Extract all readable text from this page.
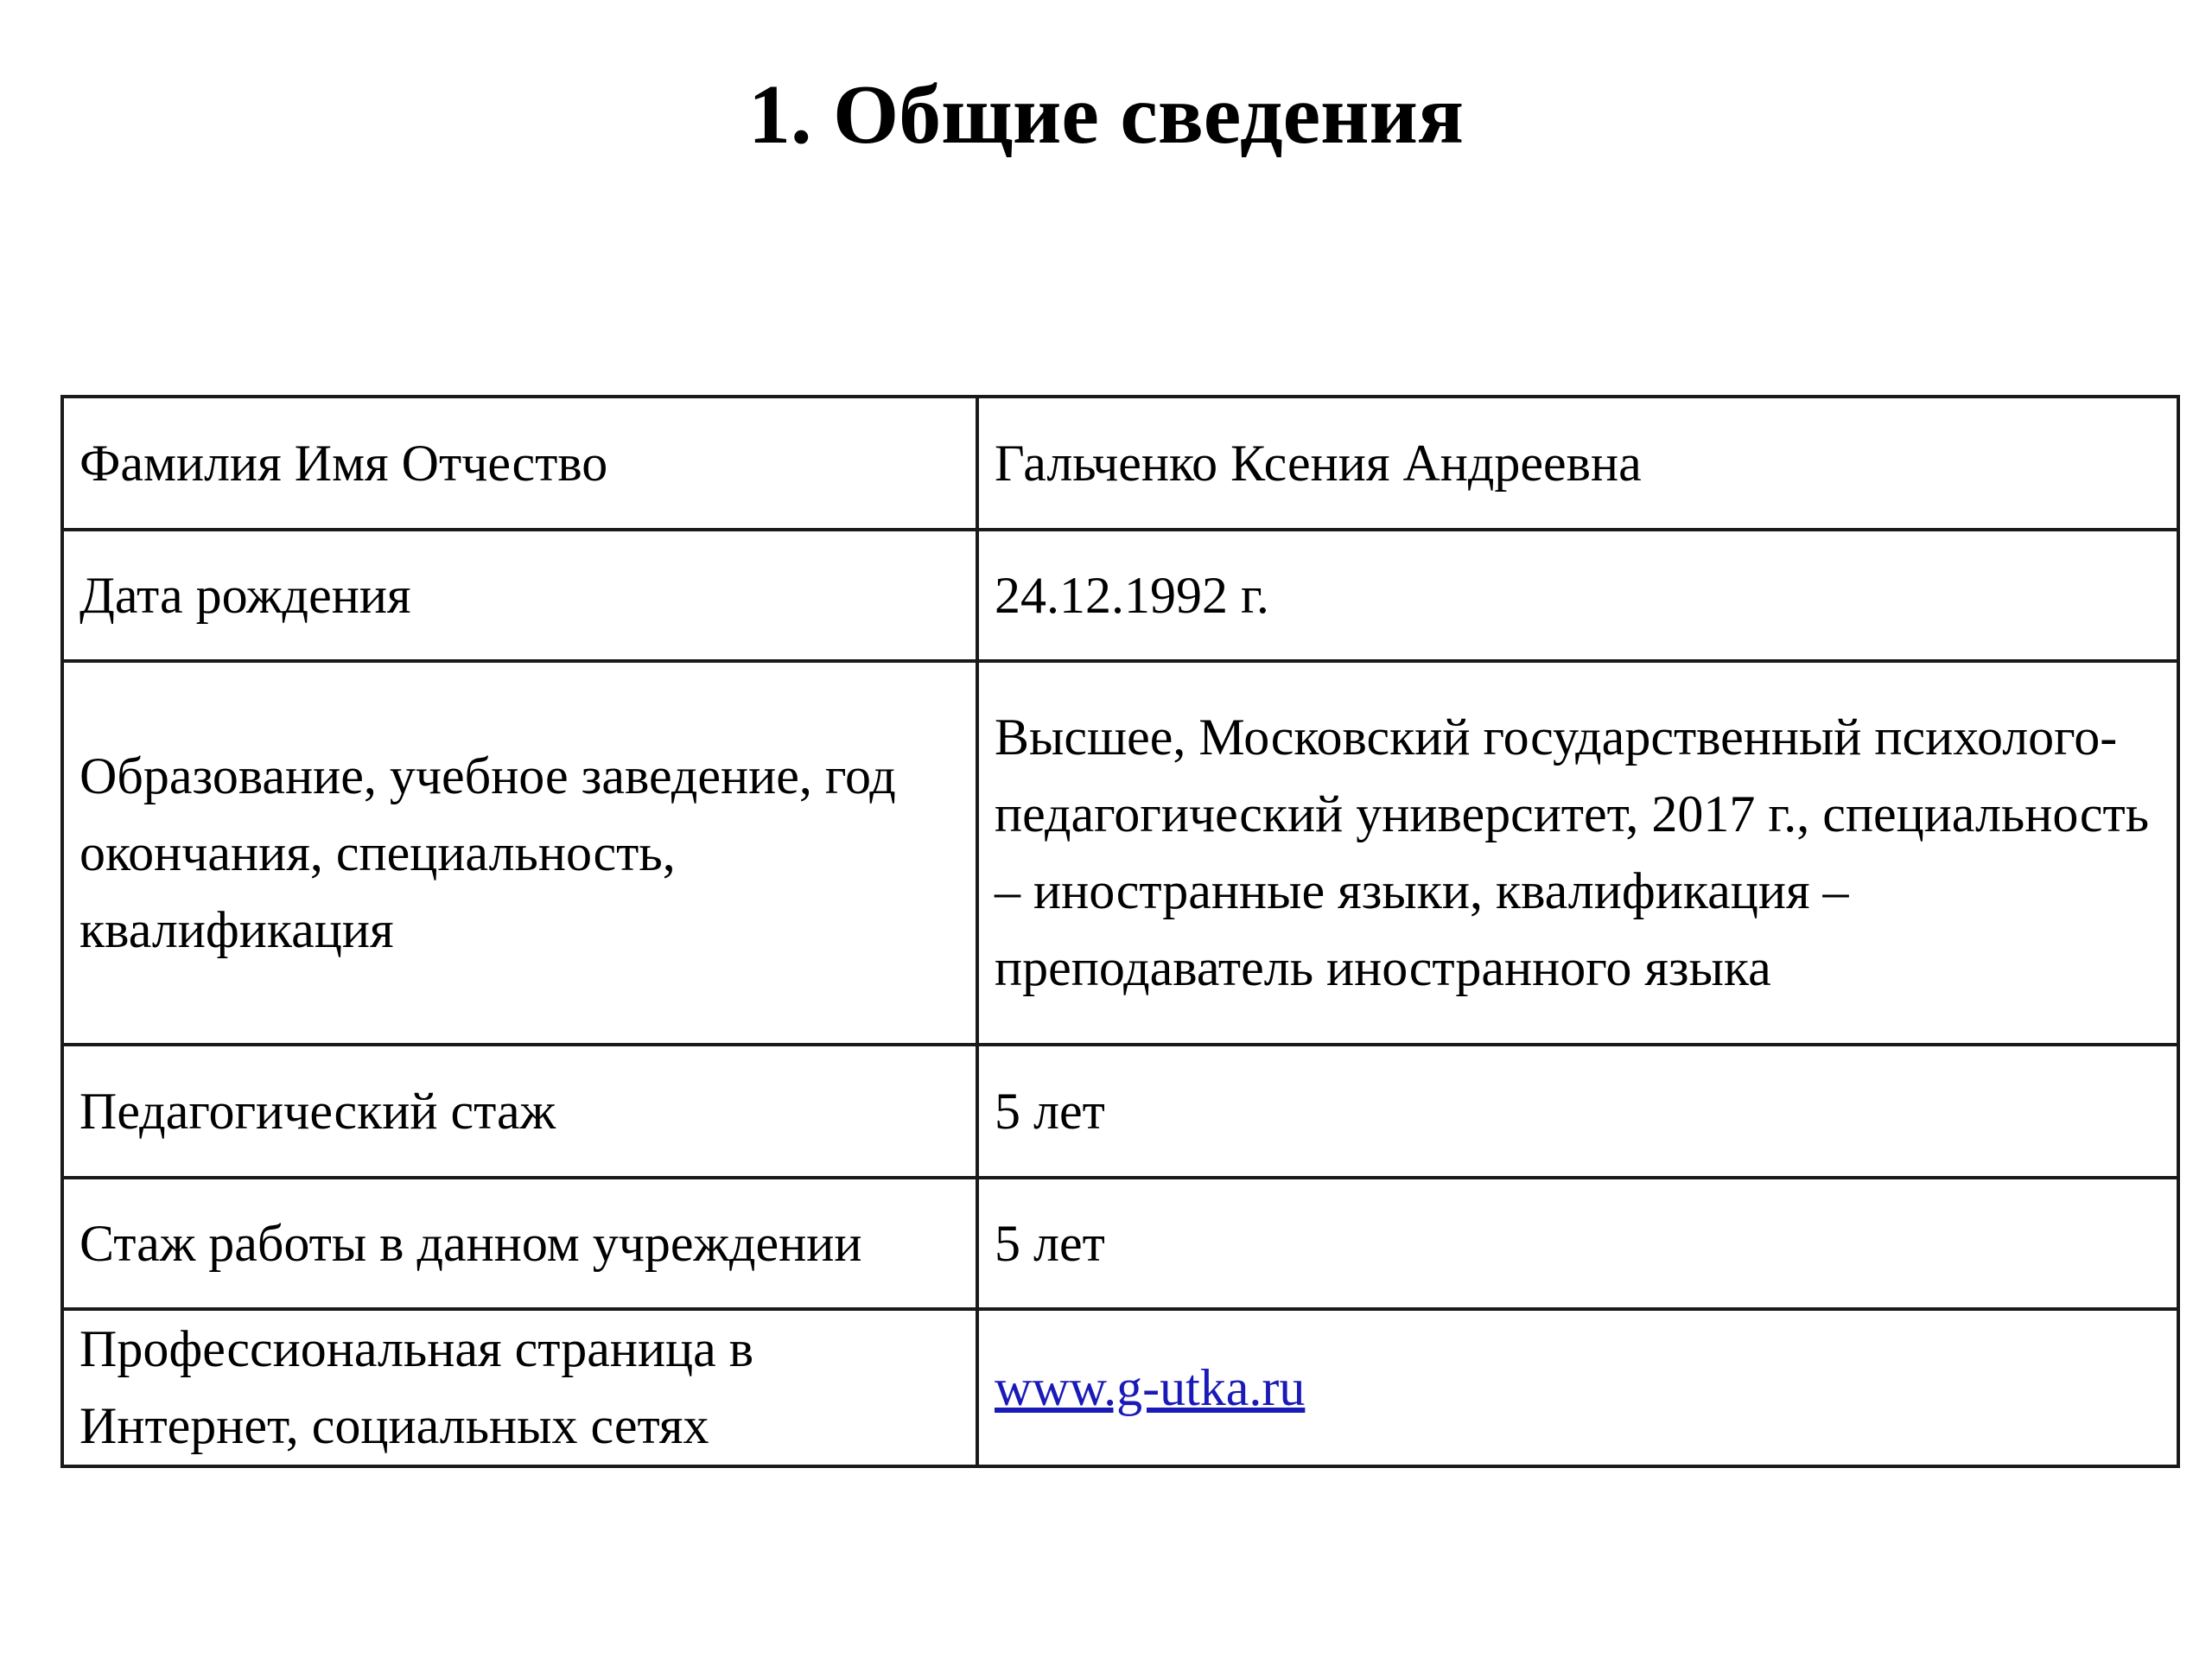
1. Общие сведения
Фамилия Имя Отчество	Гальченко Ксения Андреевна
Дата рождения	24.12.1992 г.
Образование, учебное заведение, год окончания, специальность, квалификация	Высшее, Московский государственный психолого-педагогический университет, 2017 г., специальность – иностранные языки, квалификация – преподаватель иностранного языка
Педагогический стаж	5 лет
Стаж работы в данном учреждении	5 лет
Профессиональная страница в Интернет, социальных сетях	www.g-utka.ru
